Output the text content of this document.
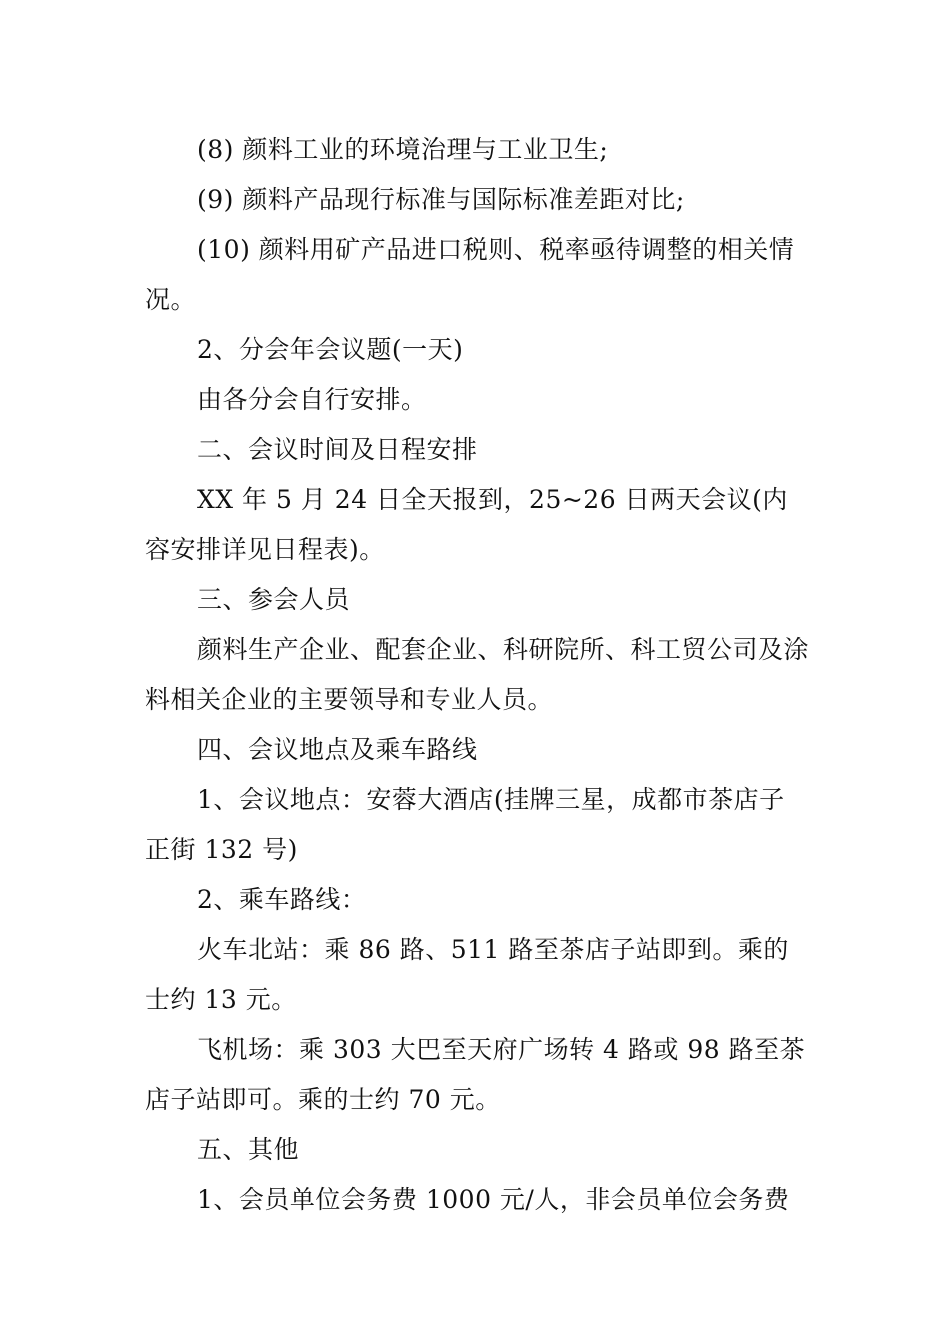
(8) 颜料工业的环境治理与工业卫生;

(9) 颜料产品现行标准与国际标准差距对比;

(10) 颜料用矿产品进口税则、税率亟待调整的相关情况。

2、分会年会议题(一天)

由各分会自行安排。

二、会议时间及日程安排

XX 年 5 月 24 日全天报到，25~26 日两天会议(内容安排详见日程表)。

三、参会人员

颜料生产企业、配套企业、科研院所、科工贸公司及涂料相关企业的主要领导和专业人员。

四、会议地点及乘车路线

1、会议地点：安蓉大酒店(挂牌三星，成都市茶店子正街 132 号)

2、乘车路线：

火车北站：乘 86 路、511 路至茶店子站即到。乘的士约 13 元。

飞机场：乘 303 大巴至天府广场转 4 路或 98 路至茶店子站即可。乘的士约 70 元。

五、其他

1、会员单位会务费 1000 元/人，非会员单位会务费
